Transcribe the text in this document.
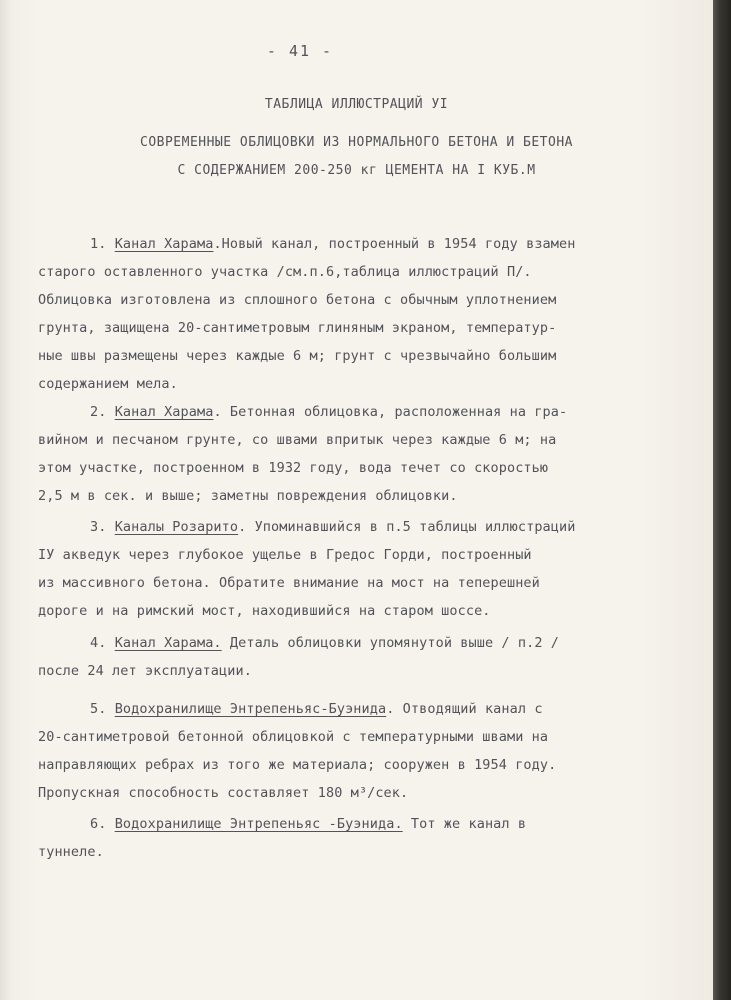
- 41 -
ТАБЛИЦА ИЛЛЮСТРАЦИЙ УI
СОВРЕМЕННЫЕ ОБЛИЦОВКИ ИЗ НОРМАЛЬНОГО БЕТОНА И БЕТОНА
С СОДЕРЖАНИЕМ 200-250 кг ЦЕМЕНТА НА I КУБ.М
1. Канал Харама.Новый канал, построенный в 1954 году взамен
старого оставленного участка /см.п.6,таблица иллюстраций П/.
Облицовка изготовлена из сплошного бетона с обычным уплотнением
грунта, защищена 20-сантиметровым глиняным экраном, температур-
ные швы размещены через каждые 6 м; грунт с чрезвычайно большим
содержанием мела.
2. Канал Харама. Бетонная облицовка, расположенная на гра-
вийном и песчаном грунте, со швами впритык через каждые 6 м; на
этом участке, построенном в 1932 году, вода течет со скоростью
2,5 м в сек. и выше; заметны повреждения облицовки.
3. Каналы Розарито. Упоминавшийся в п.5 таблицы иллюстраций
IУ акведук через глубокое ущелье в Гредос Горди, построенный
из массивного бетона. Обратите внимание на мост на теперешней
дороге и на римский мост, находившийся на старом шоссе.
4. Канал Харама. Деталь облицовки упомянутой выше / п.2 /
после 24 лет эксплуатации.
5. Водохранилище Энтрепеньяс-Буэнида. Отводящий канал с
20-сантиметровой бетонной облицовкой с температурными швами на
направляющих ребрах из того же материала; сооружен в 1954 году.
Пропускная способность составляет 180 м³/сек.
6. Водохранилище Энтрепеньяс -Буэнида. Тот же канал в
туннеле.
